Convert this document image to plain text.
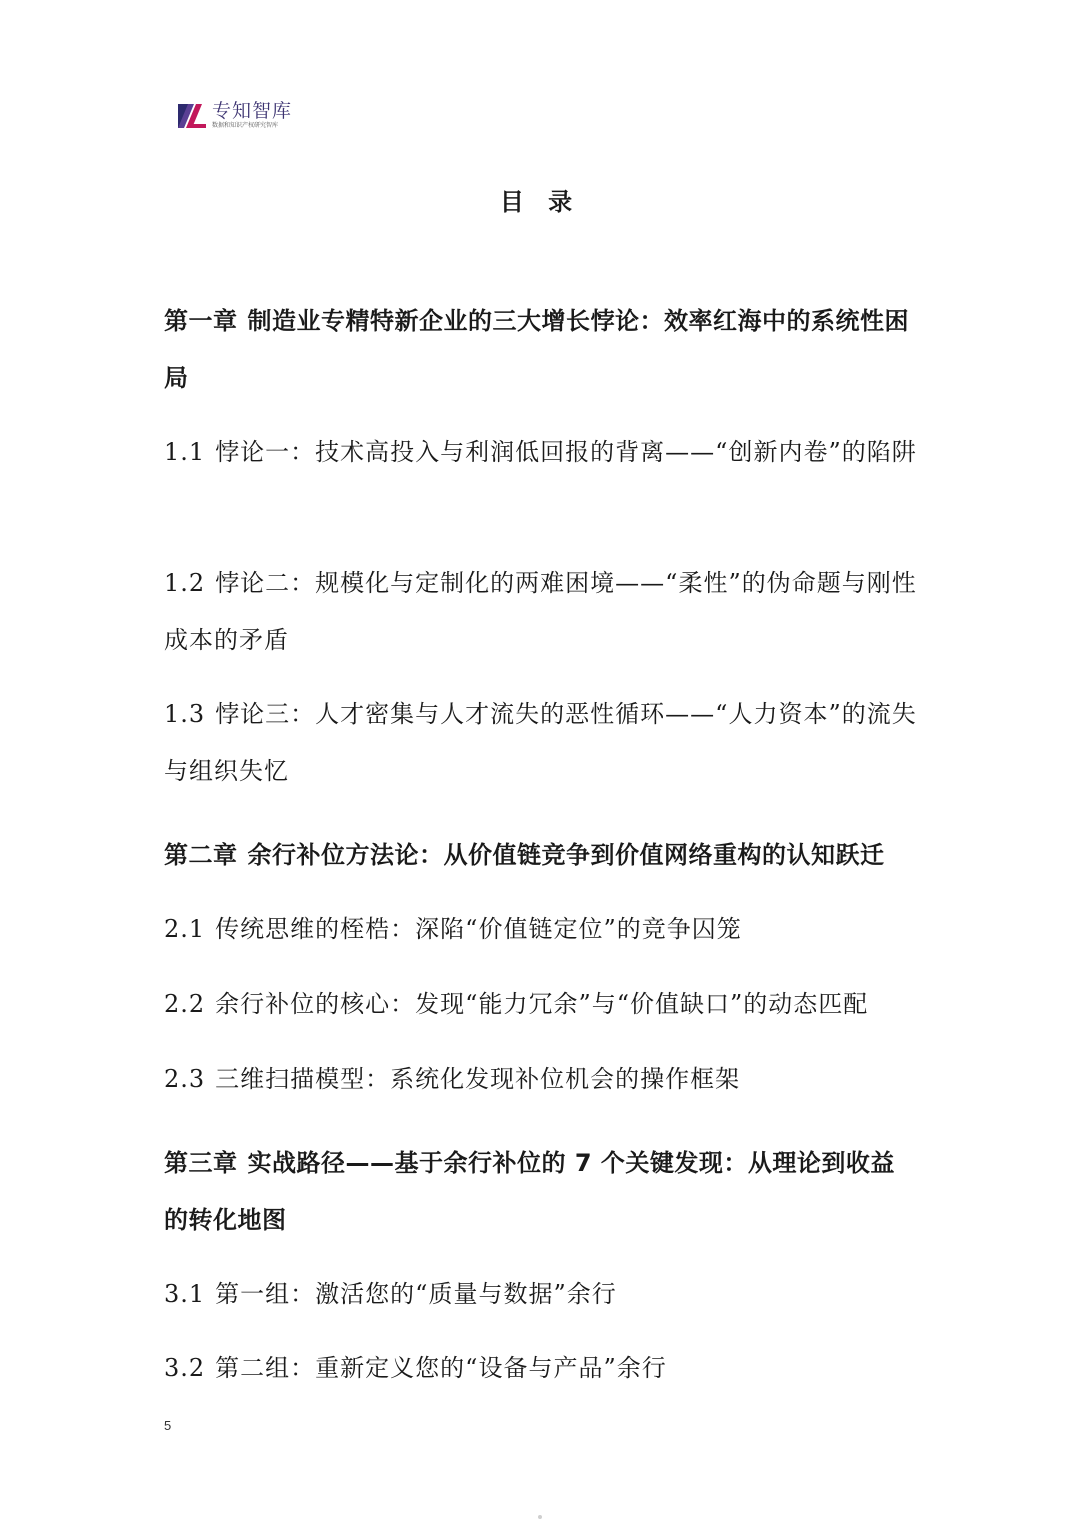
专知智库
数据和知识产权研究智库
目 录
第一章 制造业专精特新企业的三大增长悖论：效率红海中的系统性困局
1.1 悖论一：技术高投入与利润低回报的背离——“创新内卷”的陷阱
1.2 悖论二：规模化与定制化的两难困境——“柔性”的伪命题与刚性成本的矛盾
1.3 悖论三：人才密集与人才流失的恶性循环——“人力资本”的流失与组织失忆
第二章 余行补位方法论：从价值链竞争到价值网络重构的认知跃迁
2.1 传统思维的桎梏：深陷“价值链定位”的竞争囚笼
2.2 余行补位的核心：发现“能力冗余”与“价值缺口”的动态匹配
2.3 三维扫描模型：系统化发现补位机会的操作框架
第三章 实战路径——基于余行补位的 7 个关键发现：从理论到收益的转化地图
3.1 第一组：激活您的“质量与数据”余行
3.2 第二组：重新定义您的“设备与产品”余行
5
